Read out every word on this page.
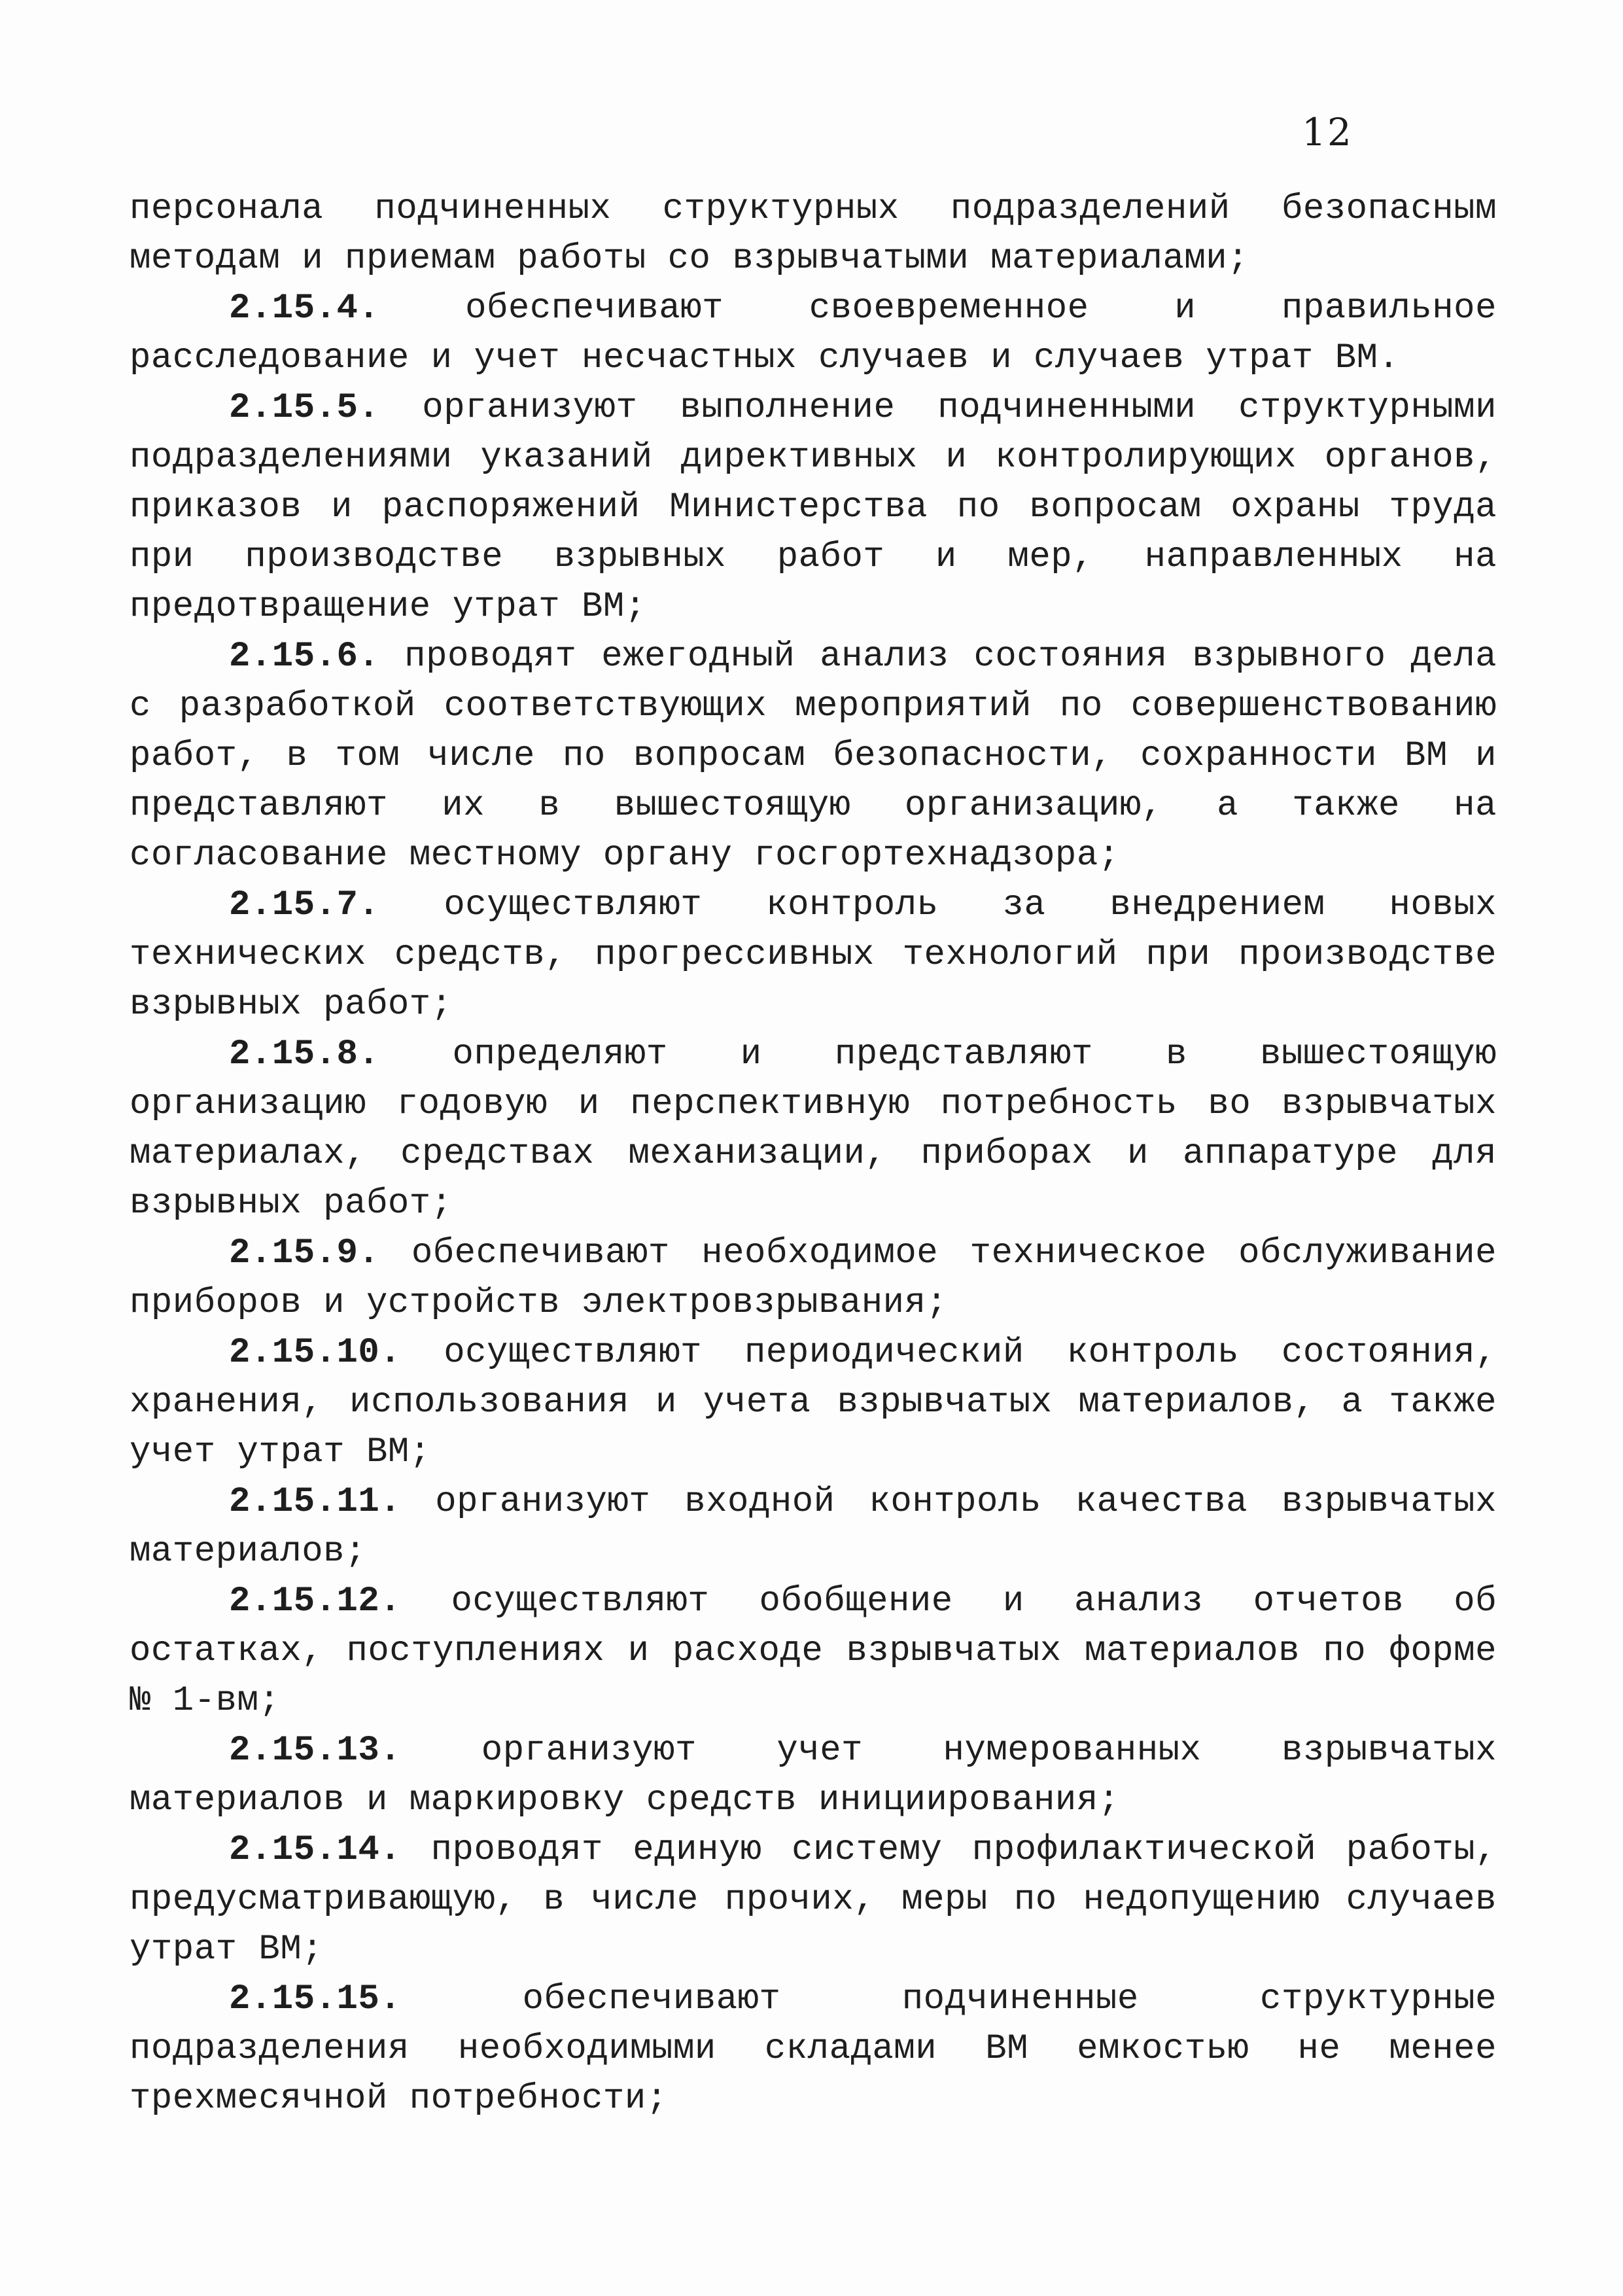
12

персонала подчиненных структурных подразделений безопасным методам и приемам работы со взрывчатыми материалами;

2.15.4. обеспечивают своевременное и правильное расследование и учет несчастных случаев и случаев утрат ВМ.

2.15.5. организуют выполнение подчиненными структурными подразделениями указаний директивных и контролирующих органов, приказов и распоряжений Министерства по вопросам охраны труда при производстве взрывных работ и мер, направленных на предотвращение утрат ВМ;

2.15.6. проводят ежегодный анализ состояния взрывного дела с разработкой соответствующих мероприятий по совершенствованию работ, в том числе по вопросам безопасности, сохранности ВМ и представляют их в вышестоящую организацию, а также на согласование местному органу госгортехнадзора;

2.15.7. осуществляют контроль за внедрением новых технических средств, прогрессивных технологий при производстве взрывных работ;

2.15.8. определяют и представляют в вышестоящую организацию годовую и перспективную потребность во взрывчатых материалах, средствах механизации, приборах и аппаратуре для взрывных работ;

2.15.9. обеспечивают необходимое техническое обслуживание приборов и устройств электровзрывания;

2.15.10. осуществляют периодический контроль состояния, хранения, использования и учета взрывчатых материалов, а также учет утрат ВМ;

2.15.11. организуют входной контроль качества взрывчатых материалов;

2.15.12. осуществляют обобщение и анализ отчетов об остатках, поступлениях и расходе взрывчатых материалов по форме № 1-вм;

2.15.13. организуют учет нумерованных взрывчатых материалов и маркировку средств инициирования;

2.15.14. проводят единую систему профилактической работы, предусматривающую, в числе прочих, меры по недопущению случаев утрат ВМ;

2.15.15.	обеспечивают подчиненные структурные подразделения необходимыми складами ВМ емкостью не менее трехмесячной потребности;
